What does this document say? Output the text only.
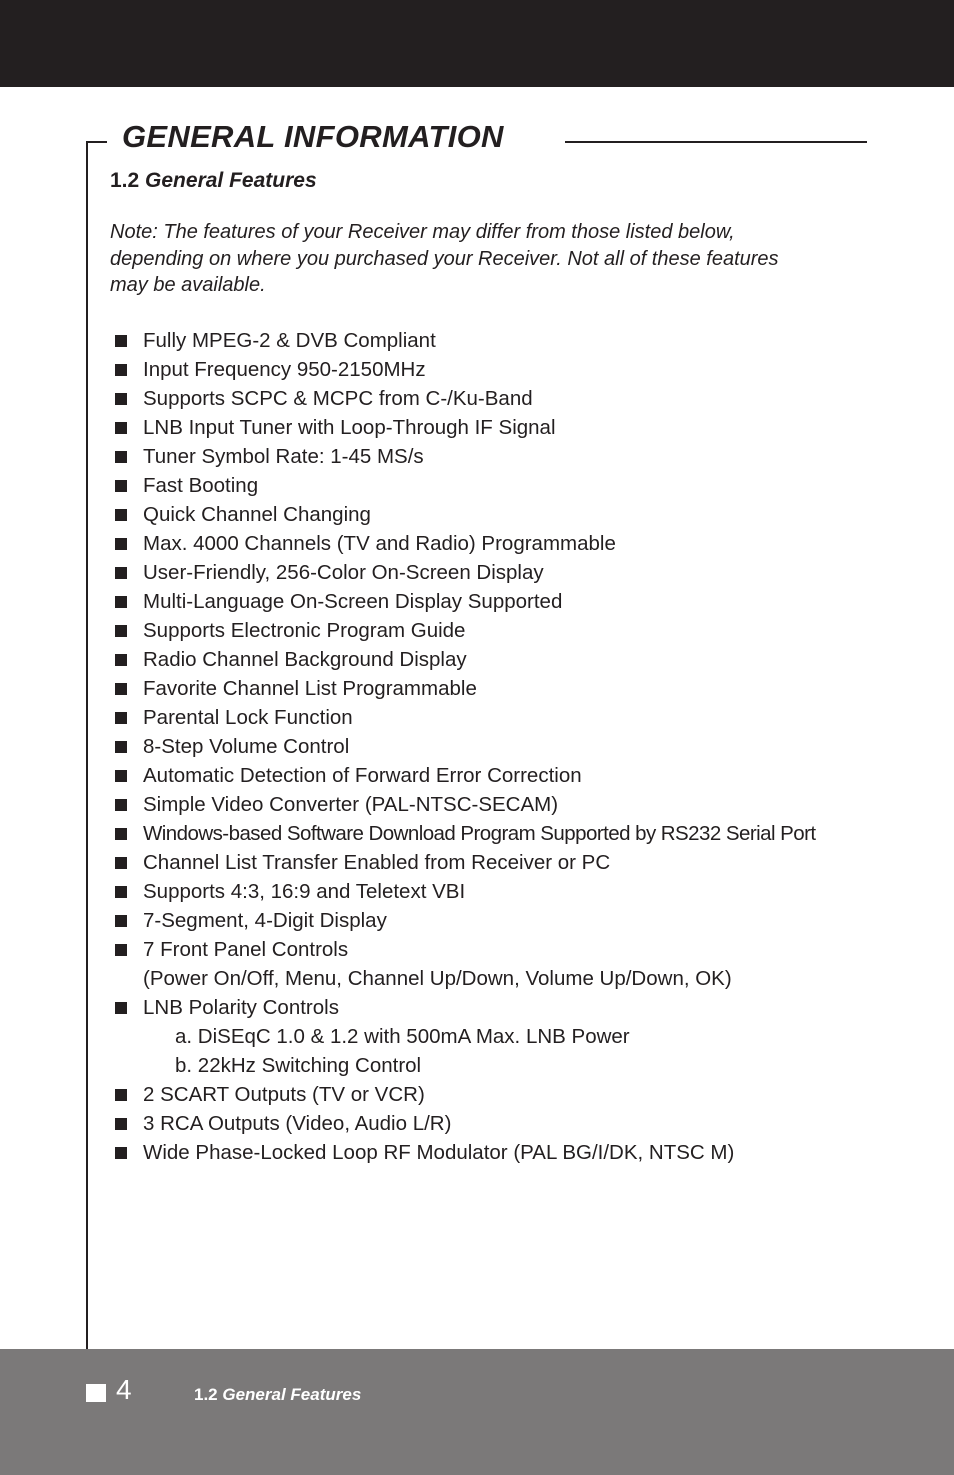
GENERAL INFORMATION
1.2 General Features

Note: The features of your Receiver may differ from those listed below,
depending on where you purchased your Receiver. Not all of these features
may be available.

Fully MPEG-2 & DVB Compliant
Input Frequency 950-2150MHz
Supports SCPC & MCPC from C-/Ku-Band
LNB Input Tuner with Loop-Through IF Signal
Tuner Symbol Rate: 1-45 MS/s
Fast Booting
Quick Channel Changing
Max. 4000 Channels (TV and Radio) Programmable
User-Friendly, 256-Color On-Screen Display
Multi-Language On-Screen Display Supported
Supports Electronic Program Guide
Radio Channel Background Display
Favorite Channel List Programmable
Parental Lock Function
8-Step Volume Control
Automatic Detection of Forward Error Correction
Simple Video Converter (PAL-NTSC-SECAM)
Windows-based Software Download Program Supported by RS232 Serial Port
Channel List Transfer Enabled from Receiver or PC
Supports 4:3, 16:9 and Teletext VBI
7-Segment, 4-Digit Display
7 Front Panel Controls
(Power On/Off, Menu, Channel Up/Down, Volume Up/Down, OK)
LNB Polarity Controls
a. DiSEqC 1.0 & 1.2 with 500mA Max. LNB Power
b. 22kHz Switching Control
2 SCART Outputs (TV or VCR)
3 RCA Outputs (Video, Audio L/R)
Wide Phase-Locked Loop RF Modulator (PAL BG/I/DK, NTSC M)
4	1.2 General Features
